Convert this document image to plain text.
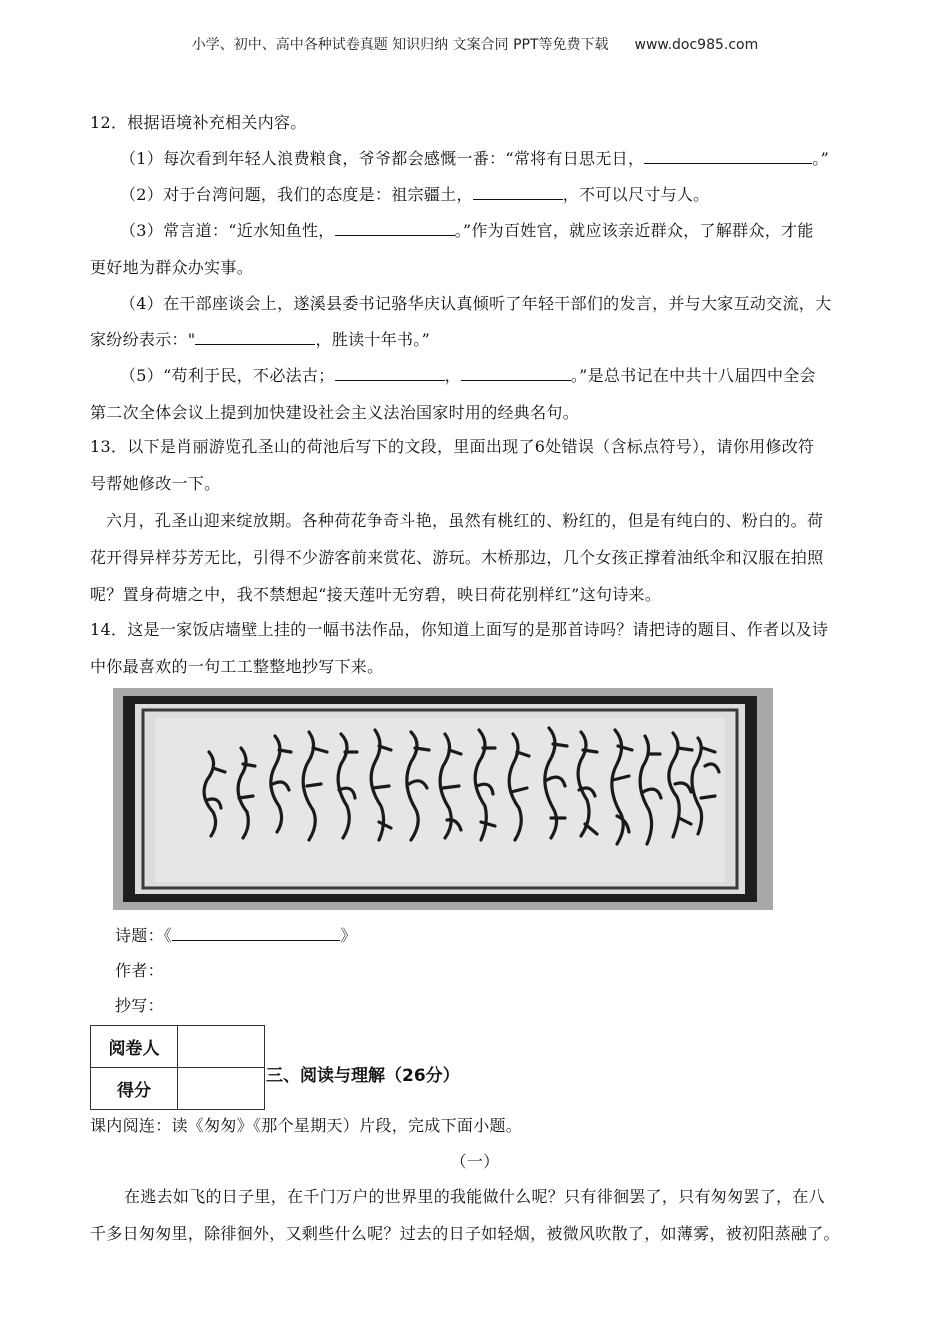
小学、初中、高中各种试卷真题 知识归纳 文案合同 PPT等免费下载 www.doc985.com
12．根据语境补充相关内容。
（1）每次看到年轻人浪费粮食，爷爷都会感慨一番：“常将有日思无日，	。”
（2）对于台湾问题，我们的态度是：祖宗疆土，	，不可以尺寸与人。
（3）常言道：“近水知鱼性，	。”作为百姓官，就应该亲近群众，了解群众，才能
更好地为群众办实事。
（4）在干部座谈会上，遂溪县委书记骆华庆认真倾听了年轻干部们的发言，并与大家互动交流，大
家纷纷表示："	，胜读十年书。”
（5）“苟利于民，不必法古；	，	。”是总书记在中共十八届四中全会
第二次全体会议上提到加快建设社会主义法治国家时用的经典名句。
13．以下是肖丽游览孔圣山的荷池后写下的文段，里面出现了6处错误（含标点符号），请你用修改符
号帮她修改一下。
六月，孔圣山迎来绽放期。各种荷花争奇斗艳，虽然有桃红的、粉红的，但是有纯白的、粉白的。荷
花开得异样芬芳无比，引得不少游客前来赏花、游玩。木桥那边，几个女孩正撑着油纸伞和汉服在拍照
呢？置身荷塘之中，我不禁想起“接天莲叶无穷碧，映日荷花别样红”这句诗来。
14．这是一家饭店墙壁上挂的一幅书法作品，你知道上面写的是那首诗吗？请把诗的题目、作者以及诗
中你最喜欢的一句工工整整地抄写下来。
诗题：《	》
作者：
抄写：
阅卷人	
得分	
三、阅读与理解（26分）
课内阅连：读《匆匆》《那个星期天）片段，完成下面小题。
（一）
在逃去如飞的日子里，在千门万户的世界里的我能做什么呢？只有徘徊罢了，只有匆匆罢了，在八
千多日匆匆里，除徘徊外，又剩些什么呢？过去的日子如轻烟，被微风吹散了，如薄雾，被初阳蒸融了。
